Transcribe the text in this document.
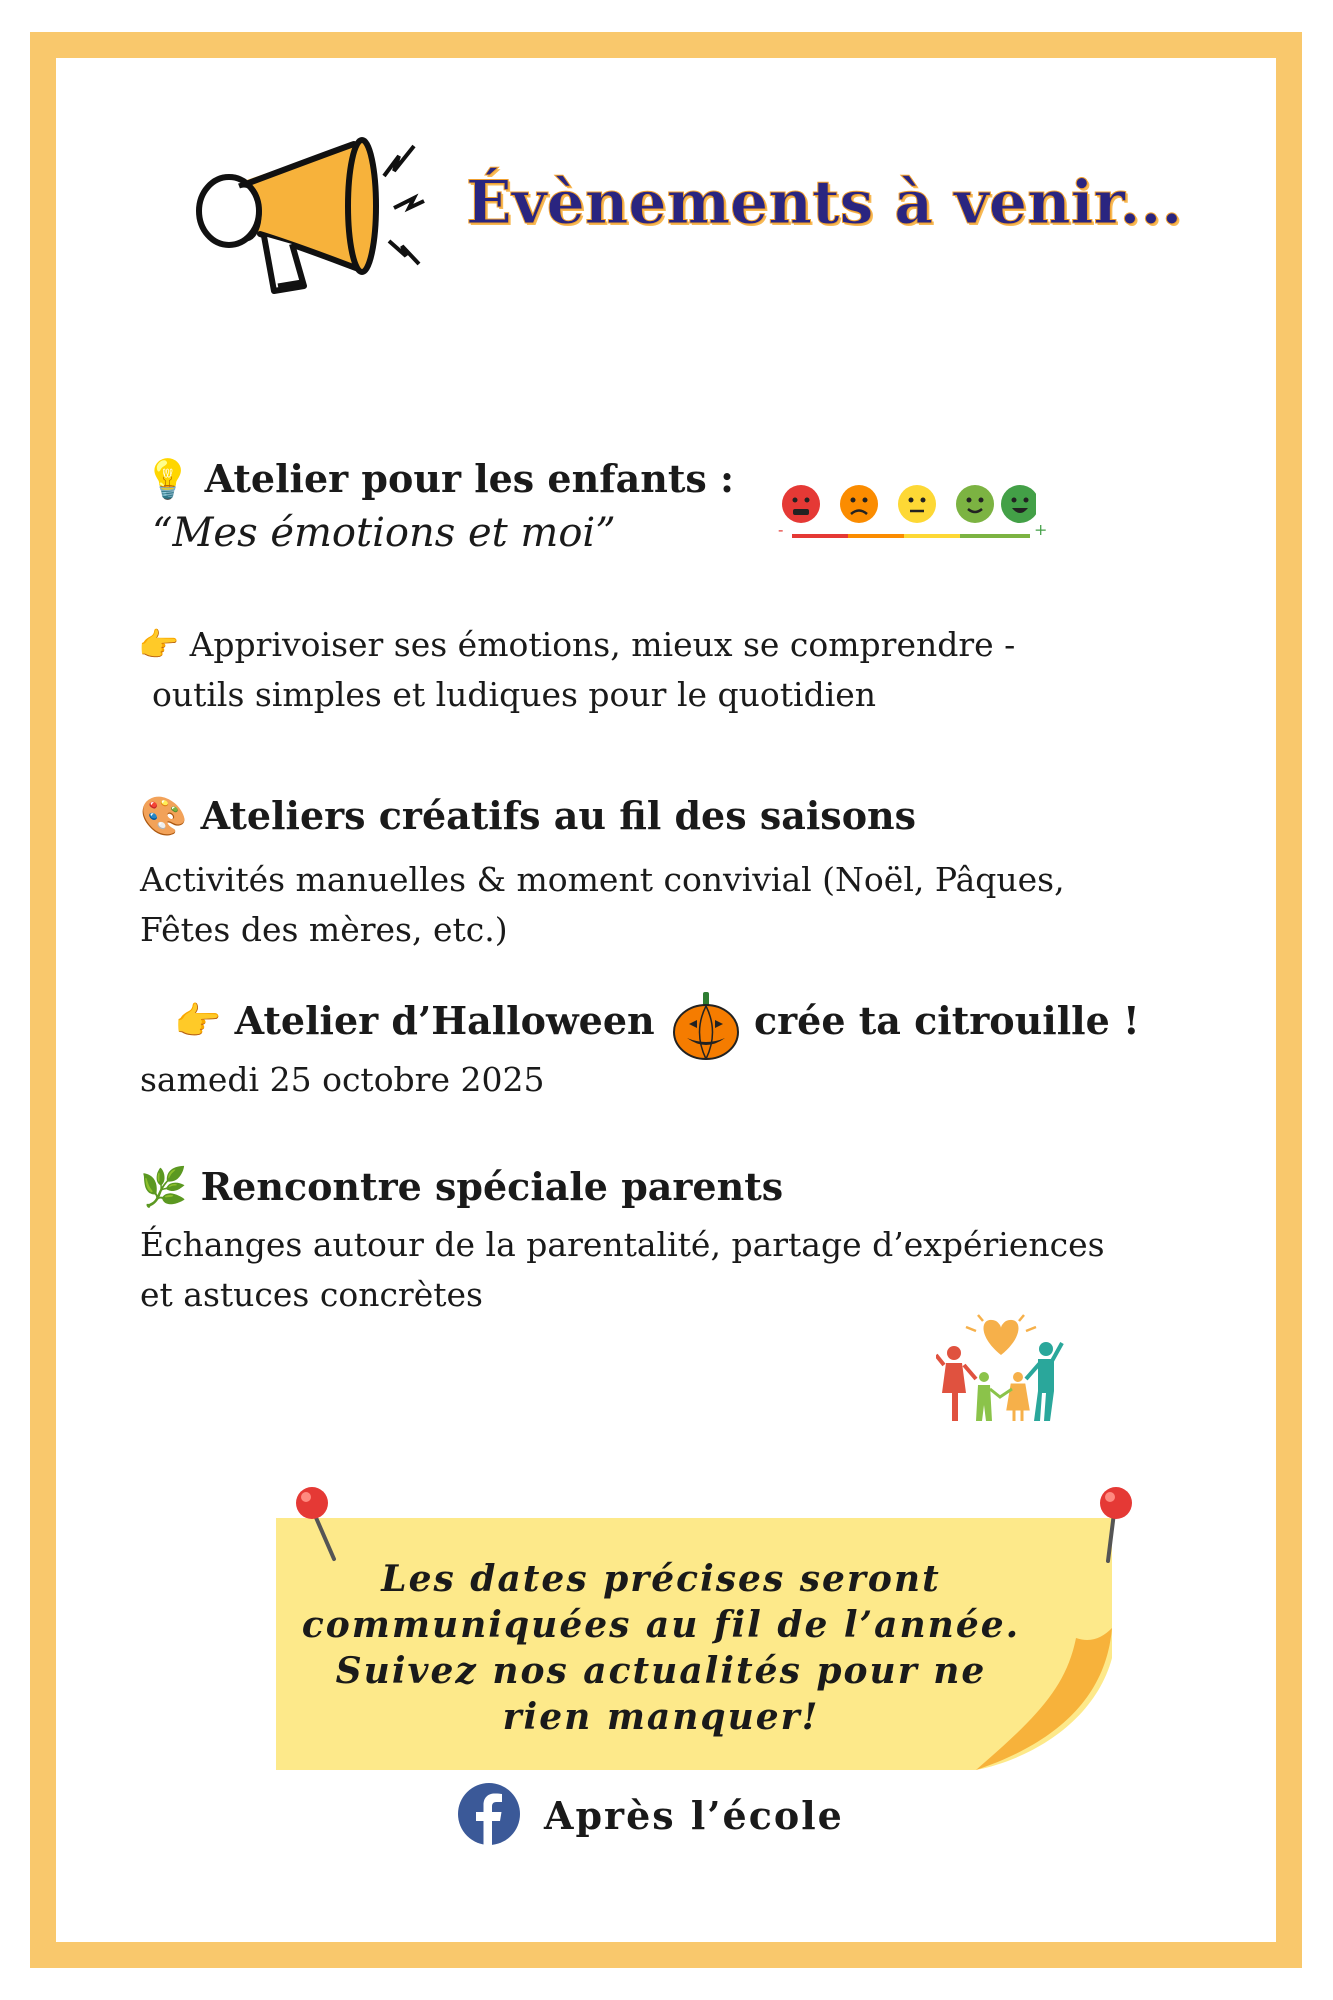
Évènements à venir...
💡 Atelier pour les enfants :
“Mes émotions et moi”	-	+
👉 Apprivoiser ses émotions, mieux se comprendre -
outils simples et ludiques pour le quotidien
🎨 Ateliers créatifs au fil des saisons
Activités manuelles & moment convivial (Noël, Pâques,
Fêtes des mères, etc.)
👉 Atelier d’Halloween	crée ta citrouille !
samedi 25 octobre 2025
🌿 Rencontre spéciale parents
Échanges autour de la parentalité, partage d’expériences
et astuces concrètes
Les dates précises seront
communiquées au fil de l’année.
Suivez nos actualités pour ne
rien manquer!
Après l’école
